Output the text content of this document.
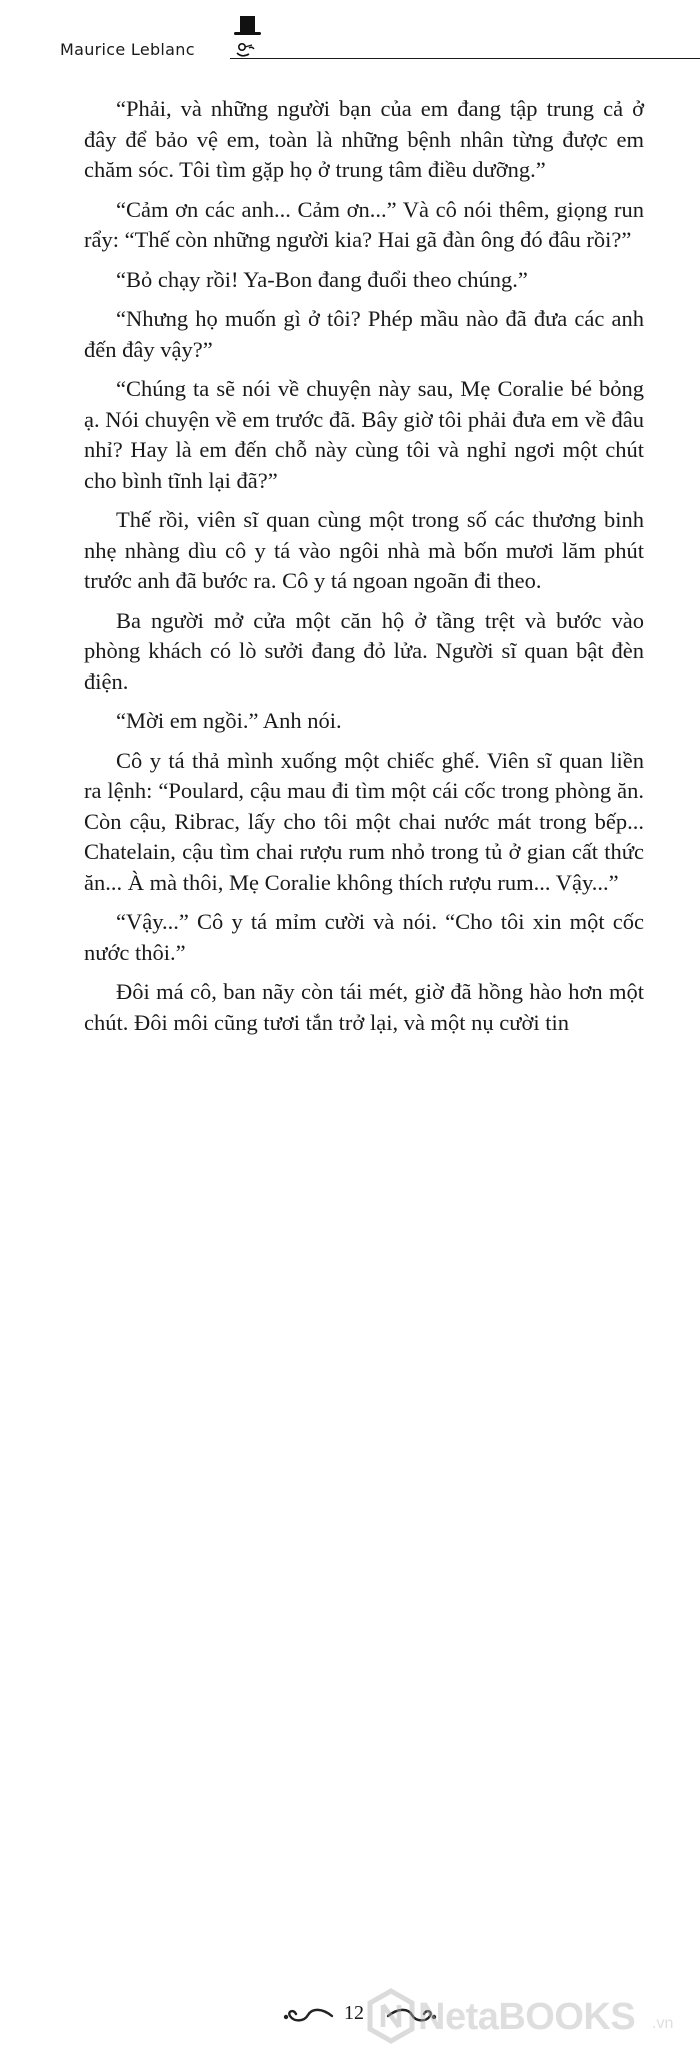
Maurice Leblanc

“Phải, và những người bạn của em đang tập trung cả ở đây để bảo vệ em, toàn là những bệnh nhân từng được em chăm sóc. Tôi tìm gặp họ ở trung tâm điều dưỡng.”

“Cảm ơn các anh... Cảm ơn...” Và cô nói thêm, giọng run rẩy: “Thế còn những người kia? Hai gã đàn ông đó đâu rồi?”

“Bỏ chạy rồi! Ya-Bon đang đuổi theo chúng.”

“Nhưng họ muốn gì ở tôi? Phép mầu nào đã đưa các anh đến đây vậy?”

“Chúng ta sẽ nói về chuyện này sau, Mẹ Coralie bé bỏng ạ. Nói chuyện về em trước đã. Bây giờ tôi phải đưa em về đâu nhỉ? Hay là em đến chỗ này cùng tôi và nghỉ ngơi một chút cho bình tĩnh lại đã?”

Thế rồi, viên sĩ quan cùng một trong số các thương binh nhẹ nhàng dìu cô y tá vào ngôi nhà mà bốn mươi lăm phút trước anh đã bước ra. Cô y tá ngoan ngoãn đi theo.

Ba người mở cửa một căn hộ ở tầng trệt và bước vào phòng khách có lò sưởi đang đỏ lửa. Người sĩ quan bật đèn điện.

“Mời em ngồi.” Anh nói.

Cô y tá thả mình xuống một chiếc ghế. Viên sĩ quan liền ra lệnh: “Poulard, cậu mau đi tìm một cái cốc trong phòng ăn. Còn cậu, Ribrac, lấy cho tôi một chai nước mát trong bếp... Chatelain, cậu tìm chai rượu rum nhỏ trong tủ ở gian cất thức ăn... À mà thôi, Mẹ Coralie không thích rượu rum... Vậy...”

“Vậy...” Cô y tá mỉm cười và nói. “Cho tôi xin một cốc nước thôi.”

Đôi má cô, ban nãy còn tái mét, giờ đã hồng hào hơn một chút. Đôi môi cũng tươi tắn trở lại, và một nụ cười tin

12 NetaBOOKS .vn
